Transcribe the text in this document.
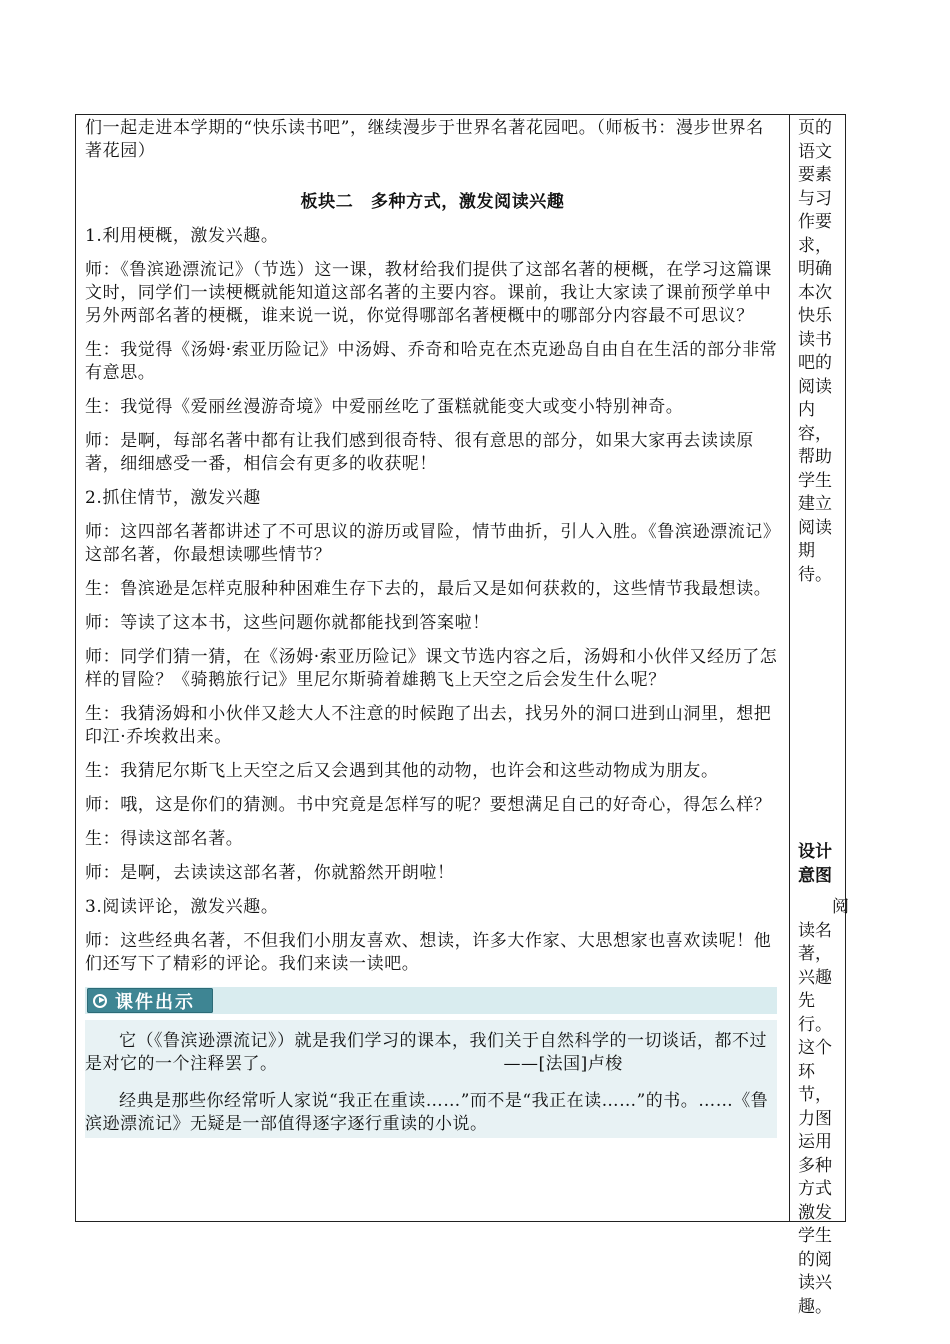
们一起走进本学期的“快乐读书吧”，继续漫步于世界名著花园吧。（师板书：漫步世界名著花园）

板块二　多种方式，激发阅读兴趣

1.利用梗概，激发兴趣。

师：《鲁滨逊漂流记》（节选）这一课，教材给我们提供了这部名著的梗概，在学习这篇课文时，同学们一读梗概就能知道这部名著的主要内容。课前，我让大家读了课前预学单中另外两部名著的梗概，谁来说一说，你觉得哪部名著梗概中的哪部分内容最不可思议？

生：我觉得《汤姆·索亚历险记》中汤姆、乔奇和哈克在杰克逊岛自由自在生活的部分非常有意思。

生：我觉得《爱丽丝漫游奇境》中爱丽丝吃了蛋糕就能变大或变小特别神奇。

师：是啊，每部名著中都有让我们感到很奇特、很有意思的部分，如果大家再去读读原著，细细感受一番，相信会有更多的收获呢！

2.抓住情节，激发兴趣

师：这四部名著都讲述了不可思议的游历或冒险，情节曲折，引人入胜。《鲁滨逊漂流记》这部名著，你最想读哪些情节？

生：鲁滨逊是怎样克服种种困难生存下去的，最后又是如何获救的，这些情节我最想读。

师：等读了这本书，这些问题你就都能找到答案啦！

师：同学们猜一猜，在《汤姆·索亚历险记》课文节选内容之后，汤姆和小伙伴又经历了怎样的冒险？《骑鹅旅行记》里尼尔斯骑着雄鹅飞上天空之后会发生什么呢？

生：我猜汤姆和小伙伴又趁大人不注意的时候跑了出去，找另外的洞口进到山洞里，想把印江·乔埃救出来。

生：我猜尼尔斯飞上天空之后又会遇到其他的动物，也许会和这些动物成为朋友。

师：哦，这是你们的猜测。书中究竟是怎样写的呢？要想满足自己的好奇心，得怎么样？

生：得读这部名著。

师：是啊，去读读这部名著，你就豁然开朗啦！

3.阅读评论，激发兴趣。

师：这些经典名著，不但我们小朋友喜欢、想读，许多大作家、大思想家也喜欢读呢！他们还写下了精彩的评论。我们来读一读吧。

课件出示

它（《鲁滨逊漂流记》）就是我们学习的课本，我们关于自然科学的一切谈话，都不过是对它的一个注释罢了。	——[法国]卢梭

经典是那些你经常听人家说“我正在重读……”而不是“我正在读……”的书。……《鲁滨逊漂流记》无疑是一部值得逐字逐行重读的小说。

页的语文要素与习作要求，明确本次快乐读书吧的阅读内容，帮助学生建立阅读期待。

设计意图

阅读名著，兴趣先行。这个环节，力图运用多种方式激发学生的阅读兴趣。
